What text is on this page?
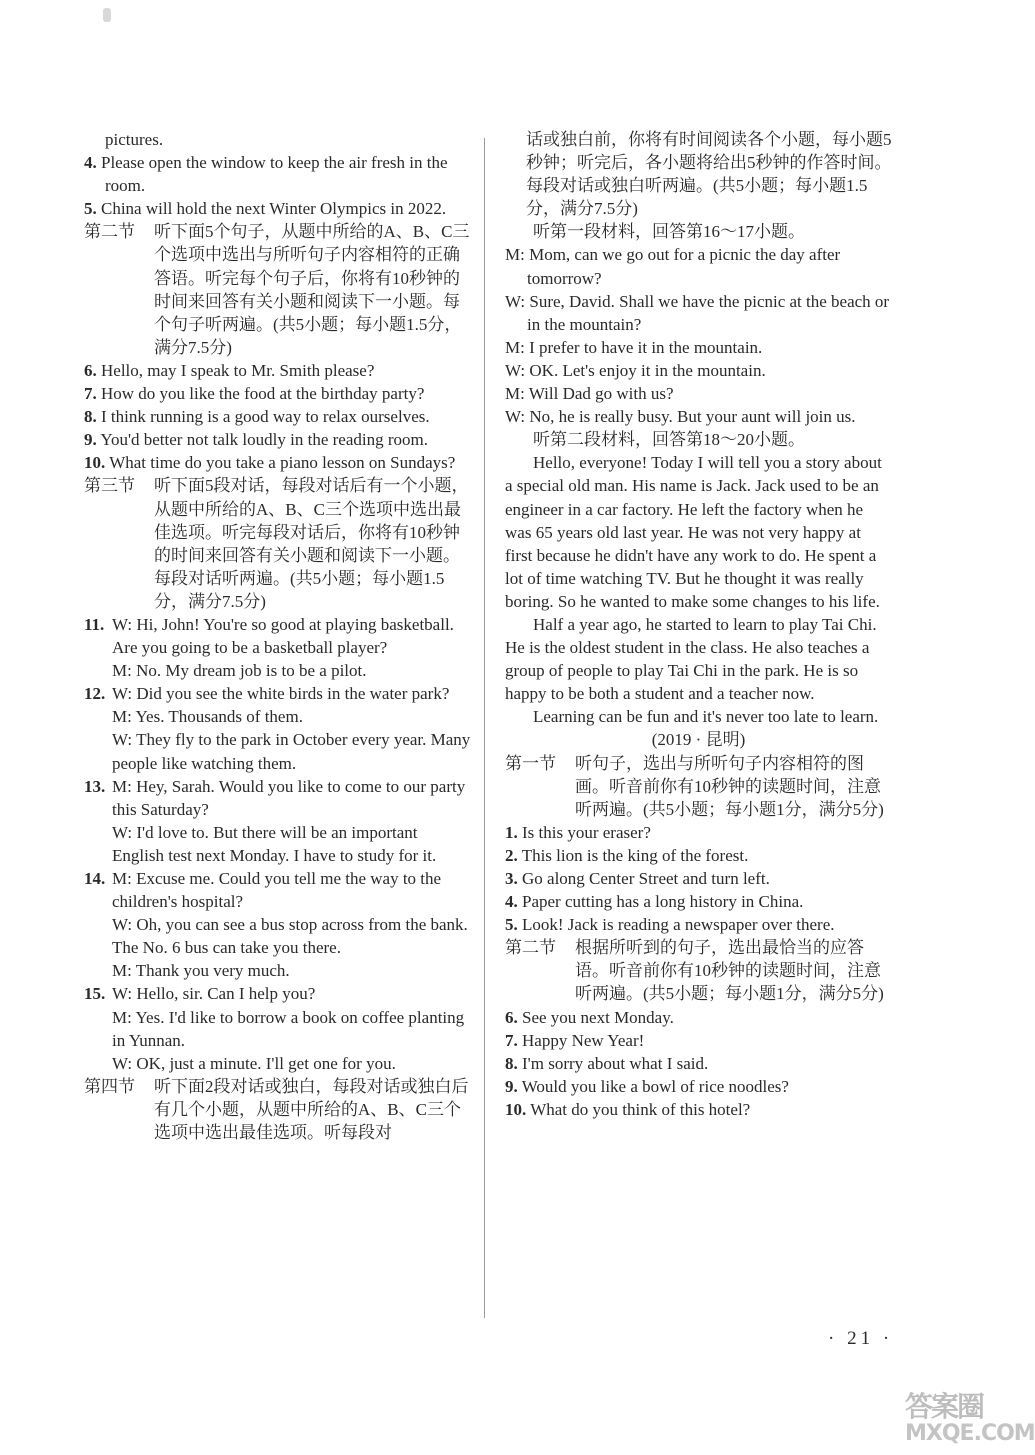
pictures.

4. Please open the window to keep the air fresh in the room.

5. China will hold the next Winter Olympics in 2022.

第二节	听下面5个句子，从题中所给的A、B、C三个选项中选出与所听句子内容相符的正确答语。听完每个句子后，你将有10秒钟的时间来回答有关小题和阅读下一小题。每个句子听两遍。(共5小题；每小题1.5分，满分7.5分)

6. Hello, may I speak to Mr. Smith please?

7. How do you like the food at the birthday party?

8. I think running is a good way to relax ourselves.

9. You'd better not talk loudly in the reading room.

10. What time do you take a piano lesson on Sundays?

第三节	听下面5段对话，每段对话后有一个小题，从题中所给的A、B、C三个选项中选出最佳选项。听完每段对话后，你将有10秒钟的时间来回答有关小题和阅读下一小题。每段对话听两遍。(共5小题；每小题1.5分，满分7.5分)
11. W: Hi, John! You're so good at playing basketball. Are you going to be a basketball player?

M: No. My dream job is to be a pilot.

12. W: Did you see the white birds in the water park?

M: Yes. Thousands of them.

W: They fly to the park in October every year. Many people like watching them.

13. M: Hey, Sarah. Would you like to come to our party this Saturday?

W: I'd love to. But there will be an important English test next Monday. I have to study for it.

14. M: Excuse me. Could you tell me the way to the children's hospital?

W: Oh, you can see a bus stop across from the bank. The No. 6 bus can take you there.

M: Thank you very much.

15. W: Hello, sir. Can I help you?

M: Yes. I'd like to borrow a book on coffee planting in Yunnan.

W: OK, just a minute. I'll get one for you.

第四节	听下面2段对话或独白，每段对话或独白后有几个小题，从题中所给的A、B、C三个选项中选出最佳选项。听每段对

话或独白前，你将有时间阅读各个小题，每小题5秒钟；听完后，各小题将给出5秒钟的作答时间。每段对话或独白听两遍。(共5小题；每小题1.5分，满分7.5分)

听第一段材料，回答第16～17小题。

M: Mom, can we go out for a picnic the day after tomorrow?

W: Sure, David. Shall we have the picnic at the beach or in the mountain?

M: I prefer to have it in the mountain.

W: OK. Let's enjoy it in the mountain.

M: Will Dad go with us?

W: No, he is really busy. But your aunt will join us.

听第二段材料，回答第18～20小题。

Hello, everyone! Today I will tell you a story about a special old man. His name is Jack. Jack used to be an engineer in a car factory. He left the factory when he was 65 years old last year. He was not very happy at first because he didn't have any work to do. He spent a lot of time watching TV. But he thought it was really boring. So he wanted to make some changes to his life.

Half a year ago, he started to learn to play Tai Chi. He is the oldest student in the class. He also teaches a group of people to play Tai Chi in the park. He is so happy to be both a student and a teacher now.

Learning can be fun and it's never too late to learn.

(2019 · 昆明)

第一节	听句子，选出与所听句子内容相符的图画。听音前你有10秒钟的读题时间，注意听两遍。(共5小题；每小题1分，满分5分)

1. Is this your eraser?

2. This lion is the king of the forest.

3. Go along Center Street and turn left.

4. Paper cutting has a long history in China.

5. Look! Jack is reading a newspaper over there.

第二节	根据所听到的句子，选出最恰当的应答语。听音前你有10秒钟的读题时间，注意听两遍。(共5小题；每小题1分，满分5分)

6. See you next Monday.

7. Happy New Year!

8. I'm sorry about what I said.

9. Would you like a bowl of rice noodles?

10. What do you think of this hotel?

· 21 ·
答案圈
MXQE.COM
